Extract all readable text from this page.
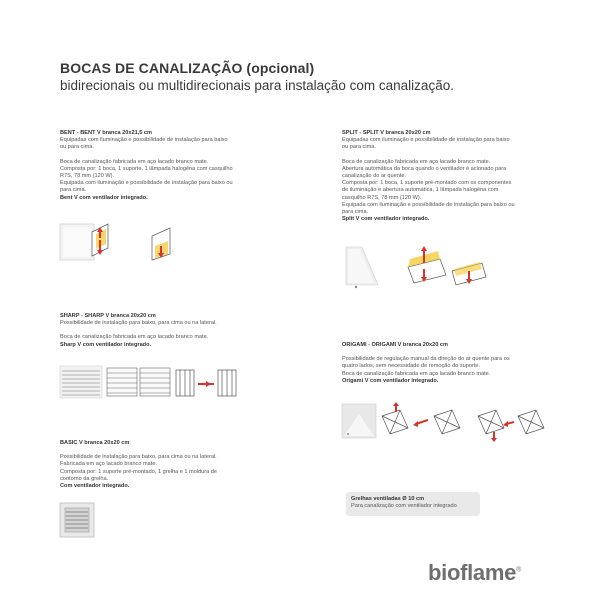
BOCAS DE CANALIZAÇÃO (opcional)
bidirecionais ou multidirecionais para instalação com canalização.
BENT - BENT V branca 20x21,5 cm
Equipadas com iluminação e possibilidade de instalação para baixo
ou para cima.
Boca de canalização fabricada em aço lacado branco mate.
Composta por: 1 boca, 1 suporte, 1 lâmpada halogéna com casquilho
R7S, 78 mm (120 W).
Equipada com iluminação e possibilidade de instalação para baixo ou
para cima.
Bent V com ventilador integrado.
SPLIT - SPLIT V branca 20x20 cm
Equipadas com iluminação e possibilidade de instalação para baixo
ou para cima.
Boca de canalização fabricada em aço lacado branco mate.
Abertura automática da boca quando o ventilador é acionado para
canalização do ar quente.
Composta por: 1 boca, 1 suporte pré-montado com os componentes
de iluminação e abertura automática, 1 lâmpada halogéna com
casquilho R7S, 78 mm (120 W).
Equipada com iluminação e possibilidade de instalação para baixo ou
para cima.
Split V com ventilador integrado.
SHARP - SHARP V branca 20x20 cm
Possibilidade de instalação para baixo, para cima ou na lateral.
Boca de canalização fabricada em aço lacado branco mate.
Sharp V com ventilador integrado.	ORIGAMI - ORIGAMI V branca 20x20 cm
Possibilidade de regulação manual da direção do ar quente para os
quatro lados, sem necessidade de remoção do suporte.
Boca de canalização fabricada em aço lacado branco mate.
Origami V com ventilador integrado.
BASIC V branca 20x20 cm
Possibilidade de instalação para baixo, para cima ou na lateral.
Fabricada em aço lacado branco mate.
Composta por: 1 suporte pré-montado, 1 grelha e 1 moldura de
contorno da grelha.
Com ventilador integrado.
Grelhas ventiladas Ø 10 cm
Para canalização com ventilador integrado
bioflame®
